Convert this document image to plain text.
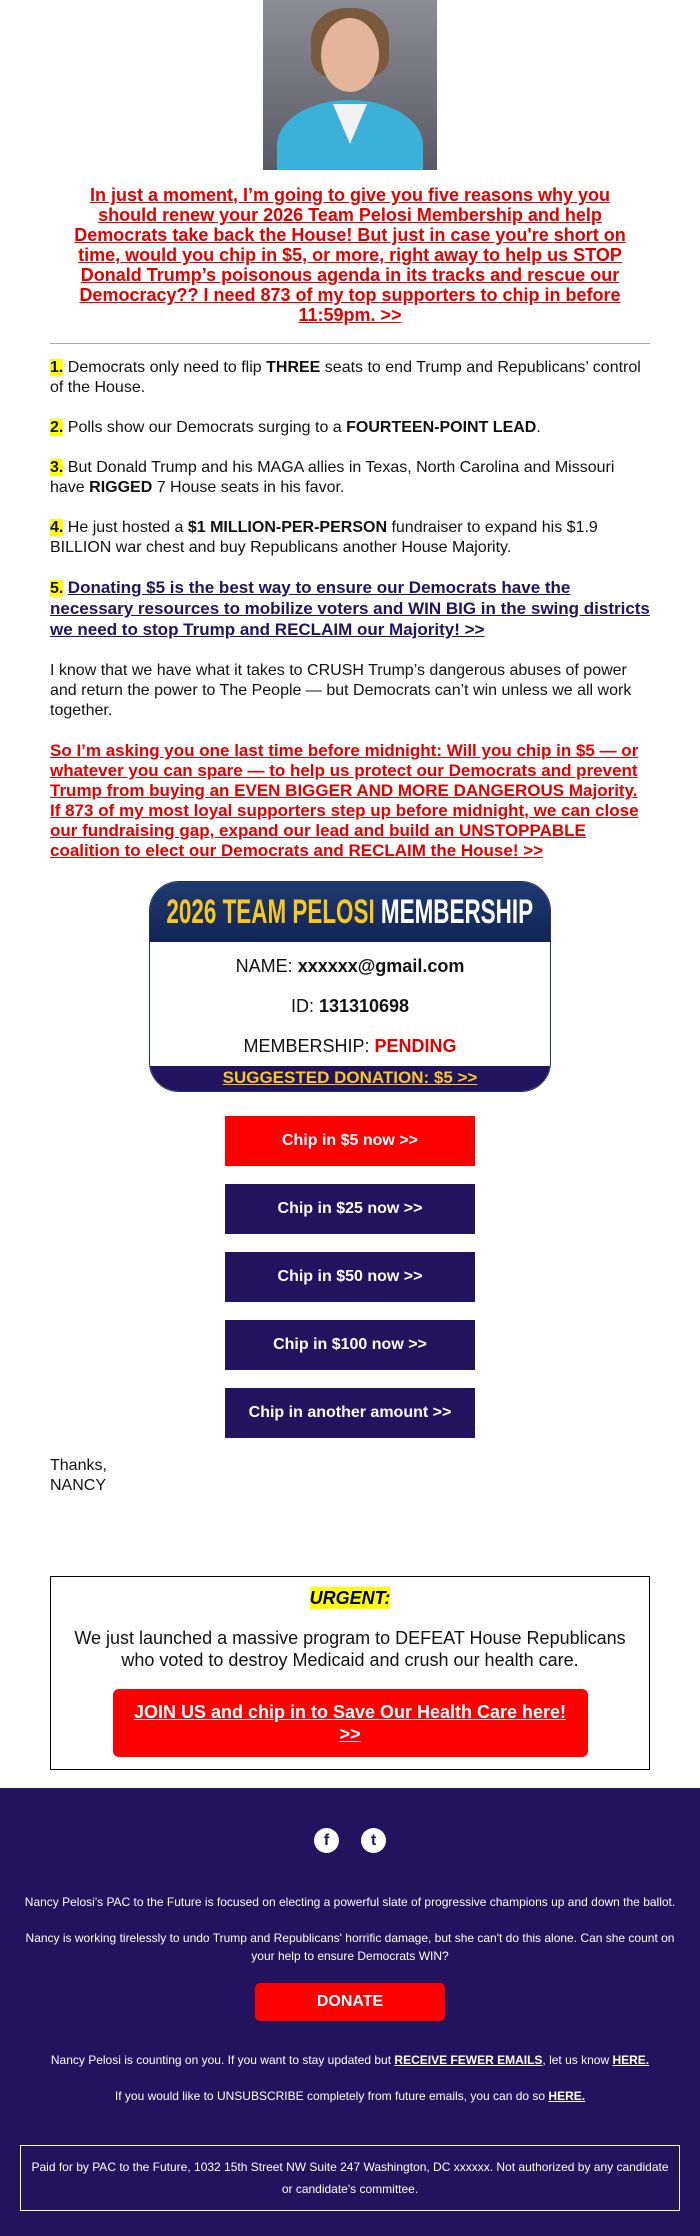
In just a moment, I’m going to give you five reasons why you should renew your 2026 Team Pelosi Membership and help Democrats take back the House! But just in case you're short on time, would you chip in $5, or more, right away to help us STOP Donald Trump’s poisonous agenda in its tracks and rescue our Democracy?? I need 873 of my top supporters to chip in before 11:59pm. >>

1. Democrats only need to flip THREE seats to end Trump and Republicans’ control of the House.

2. Polls show our Democrats surging to a FOURTEEN-POINT LEAD.

3. But Donald Trump and his MAGA allies in Texas, North Carolina and Missouri have RIGGED 7 House seats in his favor.

4. He just hosted a $1 MILLION-PER-PERSON fundraiser to expand his $1.9 BILLION war chest and buy Republicans another House Majority.

5. Donating $5 is the best way to ensure our Democrats have the necessary resources to mobilize voters and WIN BIG in the swing districts we need to stop Trump and RECLAIM our Majority! >>

I know that we have what it takes to CRUSH Trump’s dangerous abuses of power and return the power to The People — but Democrats can’t win unless we all work together.

So I’m asking you one last time before midnight: Will you chip in $5 — or whatever you can spare — to help us protect our Democrats and prevent Trump from buying an EVEN BIGGER AND MORE DANGEROUS Majority. If 873 of my most loyal supporters step up before midnight, we can close our fundraising gap, expand our lead and build an UNSTOPPABLE coalition to elect our Democrats and RECLAIM the House! >>
2026 TEAM PELOSI MEMBERSHIP
NAME: xxxxxx@gmail.com
ID: 131310698
MEMBERSHIP: PENDING
SUGGESTED DONATION: $5 >>
Chip in $5 now >>
Chip in $25 now >>
Chip in $50 now >>
Chip in $100 now >>
Chip in another amount >>
Thanks,
NANCY
URGENT:

We just launched a massive program to DEFEAT House Republicans who voted to destroy Medicaid and crush our health care.

JOIN US and chip in to Save Our Health Care here! >>
f	t

Nancy Pelosi's PAC to the Future is focused on electing a powerful slate of progressive champions up and down the ballot.

Nancy is working tirelessly to undo Trump and Republicans' horrific damage, but she can't do this alone. Can she count on your help to ensure Democrats WIN?

DONATE

Nancy Pelosi is counting on you. If you want to stay updated but RECEIVE FEWER EMAILS, let us know HERE.

If you would like to UNSUBSCRIBE completely from future emails, you can do so HERE.

Paid for by PAC to the Future, 1032 15th Street NW Suite 247 Washington, DC xxxxxx. Not authorized by any candidate or candidate's committee.
